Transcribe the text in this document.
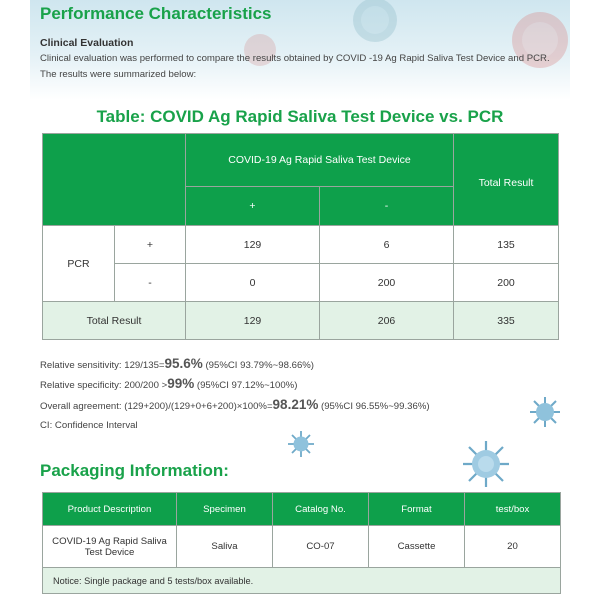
Performance Characteristics
Clinical Evaluation

Clinical evaluation was performed to compare the results obtained by COVID -19 Ag Rapid Saliva Test Device and PCR. The results were summarized below:

Table: COVID Ag Rapid Saliva Test Device vs. PCR
		COVID-19 Ag Rapid Saliva Test Device		Total Result
		+	-	
PCR	+	129	6	135
	-	0	200	200
Total Result		129	206	335
Relative sensitivity: 129/135=95.6% (95%CI 93.79%~98.66%)
Relative specificity: 200/200 >99% (95%CI 97.12%~100%)
Overall agreement: (129+200)/(129+0+6+200)×100%=98.21% (95%CI 96.55%~99.36%)
CI: Confidence Interval
Packaging Information:
Product Description	Specimen	Catalog No.	Format	test/box
COVID-19 Ag Rapid Saliva Test Device	Saliva	CO-07	Cassette	20
Notice: Single package and 5 tests/box available.				
